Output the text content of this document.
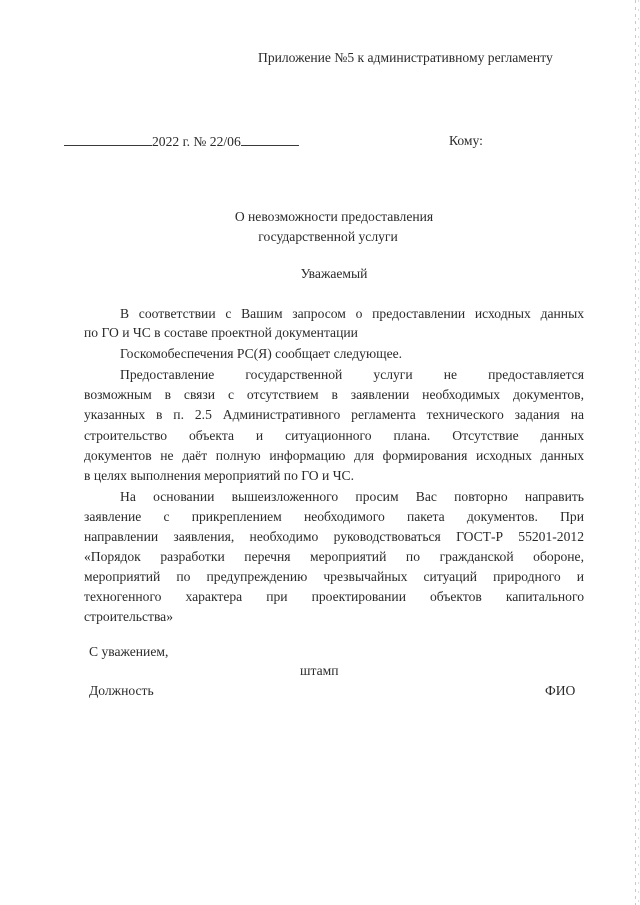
Приложение №5 к административному регламенту
2022 г. № 22/06	Кому:
О невозможности предоставления
государственной услуги
Уважаемый
В соответствии с Вашим запросом о предоставлении исходных данных
по ГО и ЧС в составе проектной документации
Госкомобеспечения РС(Я) сообщает следующее.
Предоставление государственной услуги не предоставляется
возможным в связи с отсутствием в заявлении необходимых документов,
указанных в п. 2.5 Административного регламента технического задания на
строительство объекта и ситуационного плана. Отсутствие данных
документов не даёт полную информацию для формирования исходных данных
в целях выполнения мероприятий по ГО и ЧС.
На основании вышеизложенного просим Вас повторно направить
заявление с прикреплением необходимого пакета документов. При
направлении заявления, необходимо руководствоваться ГОСТ-Р 55201-2012
«Порядок разработки перечня мероприятий по гражданской обороне,
мероприятий по предупреждению чрезвычайных ситуаций природного и
техногенного характера при проектировании объектов капитального
строительства»
С уважением,
штамп
Должность	ФИО
